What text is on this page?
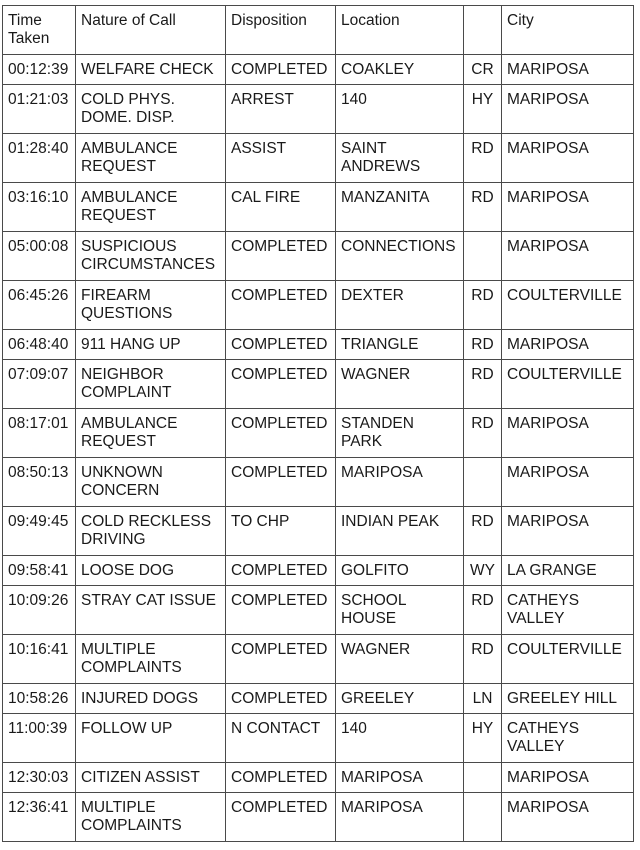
Time Taken	Nature of Call	Disposition	Location		City
00:12:39	WELFARE CHECK	COMPLETED	COAKLEY	CR	MARIPOSA
01:21:03	COLD PHYS. DOME. DISP.	ARREST	140	HY	MARIPOSA
01:28:40	AMBULANCE REQUEST	ASSIST	SAINT ANDREWS	RD	MARIPOSA
03:16:10	AMBULANCE REQUEST	CAL FIRE	MANZANITA	RD	MARIPOSA
05:00:08	SUSPICIOUS CIRCUMSTANCES	COMPLETED	CONNECTIONS		MARIPOSA
06:45:26	FIREARM QUESTIONS	COMPLETED	DEXTER	RD	COULTERVILLE
06:48:40	911 HANG UP	COMPLETED	TRIANGLE	RD	MARIPOSA
07:09:07	NEIGHBOR COMPLAINT	COMPLETED	WAGNER	RD	COULTERVILLE
08:17:01	AMBULANCE REQUEST	COMPLETED	STANDEN PARK	RD	MARIPOSA
08:50:13	UNKNOWN CONCERN	COMPLETED	MARIPOSA		MARIPOSA
09:49:45	COLD RECKLESS DRIVING	TO CHP	INDIAN PEAK	RD	MARIPOSA
09:58:41	LOOSE DOG	COMPLETED	GOLFITO	WY	LA GRANGE
10:09:26	STRAY CAT ISSUE	COMPLETED	SCHOOL HOUSE	RD	CATHEYS VALLEY
10:16:41	MULTIPLE COMPLAINTS	COMPLETED	WAGNER	RD	COULTERVILLE
10:58:26	INJURED DOGS	COMPLETED	GREELEY	LN	GREELEY HILL
11:00:39	FOLLOW UP	N CONTACT	140	HY	CATHEYS VALLEY
12:30:03	CITIZEN ASSIST	COMPLETED	MARIPOSA		MARIPOSA
12:36:41	MULTIPLE COMPLAINTS	COMPLETED	MARIPOSA		MARIPOSA
